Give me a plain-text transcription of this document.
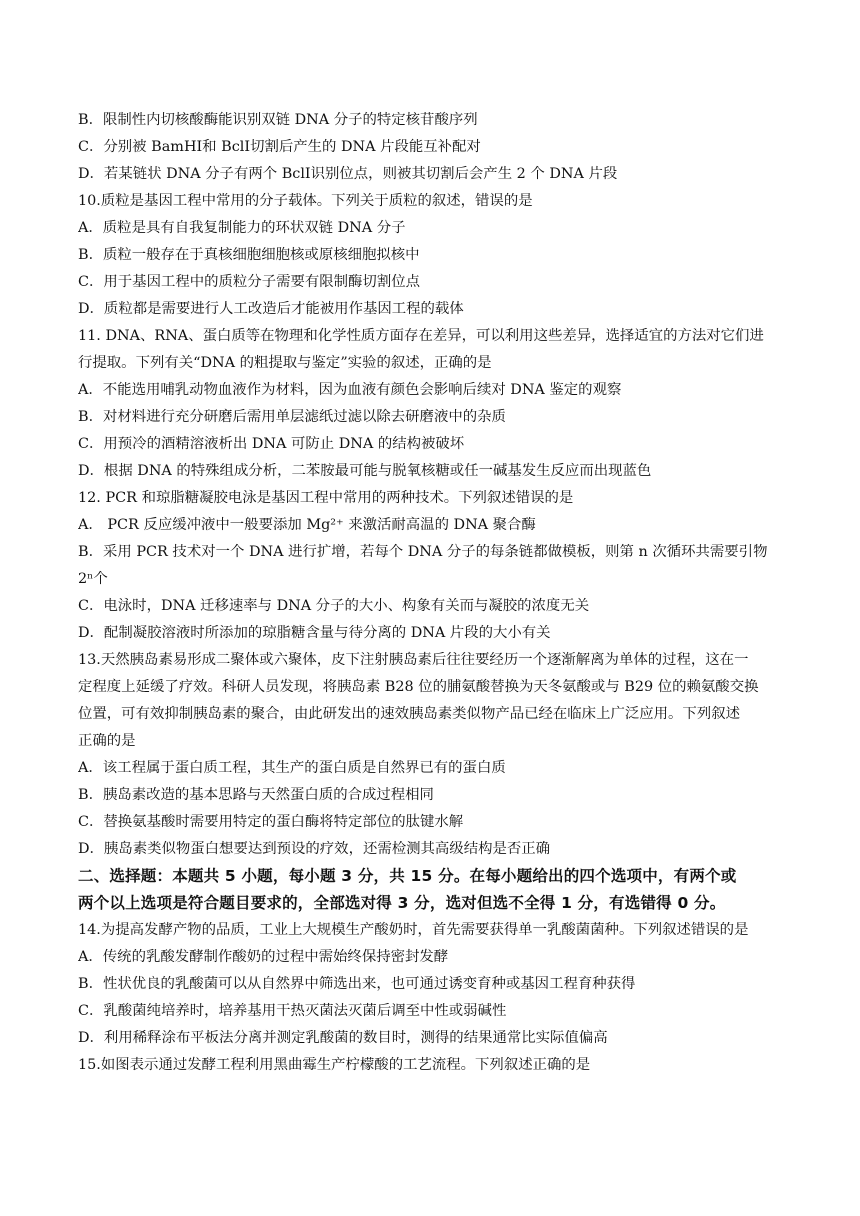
B．限制性内切核酸酶能识别双链 DNA 分子的特定核苷酸序列
C．分别被 BamHⅠ和 BclⅠ切割后产生的 DNA 片段能互补配对
D．若某链状 DNA 分子有两个 BclⅠ识别位点，则被其切割后会产生 2 个 DNA 片段
10.质粒是基因工程中常用的分子载体。下列关于质粒的叙述，错误的是
A．质粒是具有自我复制能力的环状双链 DNA 分子
B．质粒一般存在于真核细胞细胞核或原核细胞拟核中
C．用于基因工程中的质粒分子需要有限制酶切割位点
D．质粒都是需要进行人工改造后才能被用作基因工程的载体
11. DNA、RNA、蛋白质等在物理和化学性质方面存在差异，可以利用这些差异，选择适宜的方法对它们进
行提取。下列有关“DNA 的粗提取与鉴定”实验的叙述，正确的是
A．不能选用哺乳动物血液作为材料，因为血液有颜色会影响后续对 DNA 鉴定的观察
B．对材料进行充分研磨后需用单层滤纸过滤以除去研磨液中的杂质
C．用预冷的酒精溶液析出 DNA 可防止 DNA 的结构被破坏
D．根据 DNA 的特殊组成分析，二苯胺最可能与脱氧核糖或任一碱基发生反应而出现蓝色
12. PCR 和琼脂糖凝胶电泳是基因工程中常用的两种技术。下列叙述错误的是
A． PCR 反应缓冲液中一般要添加 Mg²⁺ 来激活耐高温的 DNA 聚合酶
B．采用 PCR 技术对一个 DNA 进行扩增，若每个 DNA 分子的每条链都做模板，则第 n 次循环共需要引物
2ⁿ个
C．电泳时，DNA 迁移速率与 DNA 分子的大小、构象有关而与凝胶的浓度无关
D．配制凝胶溶液时所添加的琼脂糖含量与待分离的 DNA 片段的大小有关
13.天然胰岛素易形成二聚体或六聚体，皮下注射胰岛素后往往要经历一个逐渐解离为单体的过程，这在一
定程度上延缓了疗效。科研人员发现，将胰岛素 B28 位的脯氨酸替换为天冬氨酸或与 B29 位的赖氨酸交换
位置，可有效抑制胰岛素的聚合，由此研发出的速效胰岛素类似物产品已经在临床上广泛应用。下列叙述
正确的是
A．该工程属于蛋白质工程，其生产的蛋白质是自然界已有的蛋白质
B．胰岛素改造的基本思路与天然蛋白质的合成过程相同
C．替换氨基酸时需要用特定的蛋白酶将特定部位的肽键水解
D．胰岛素类似物蛋白想要达到预设的疗效，还需检测其高级结构是否正确
二、选择题：本题共 5 小题，每小题 3 分，共 15 分。在每小题给出的四个选项中，有两个或
两个以上选项是符合题目要求的，全部选对得 3 分，选对但选不全得 1 分，有选错得 0 分。
14.为提高发酵产物的品质，工业上大规模生产酸奶时，首先需要获得单一乳酸菌菌种。下列叙述错误的是
A．传统的乳酸发酵制作酸奶的过程中需始终保持密封发酵
B．性状优良的乳酸菌可以从自然界中筛选出来，也可通过诱变育种或基因工程育种获得
C．乳酸菌纯培养时，培养基用干热灭菌法灭菌后调至中性或弱碱性
D．利用稀释涂布平板法分离并测定乳酸菌的数目时，测得的结果通常比实际值偏高
15.如图表示通过发酵工程利用黑曲霉生产柠檬酸的工艺流程。下列叙述正确的是
